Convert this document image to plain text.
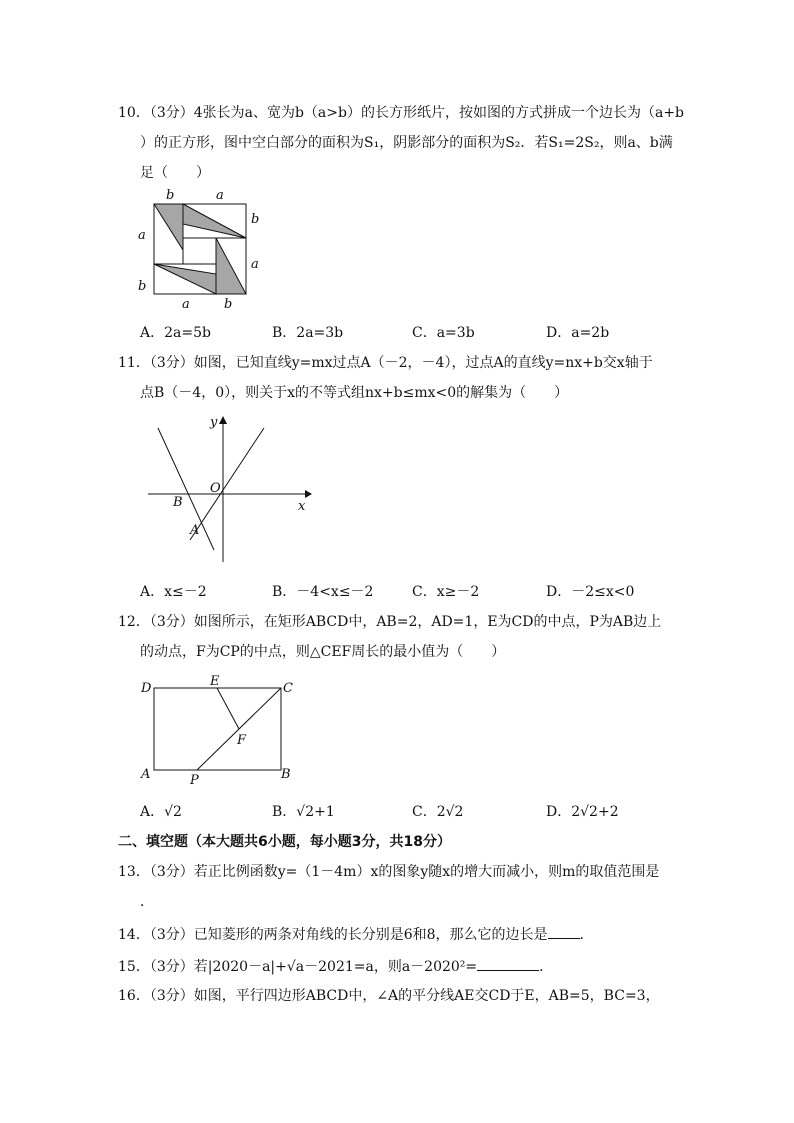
10．（3分）4张长为a、宽为b（a>b）的长方形纸片，按如图的方式拼成一个边长为（a+b
）的正方形，图中空白部分的面积为S₁，阴影部分的面积为S₂．若S₁=2S₂，则a、b满
足（　　）
b	a
a
b
b
a
a	b
A．2a=5b	B．2a=3b	C．a=3b	D．a=2b
11．（3分）如图，已知直线y=mx过点A（－2，－4），过点A的直线y=nx+b交x轴于
点B（－4，0），则关于x的不等式组nx+b≤mx<0的解集为（　　）
y
x
O
B
A
A．x≤－2	B．－4<x≤－2	C．x≥－2	D．－2≤x<0
12．（3分）如图所示，在矩形ABCD中，AB=2，AD=1，E为CD的中点，P为AB边上
的动点，F为CP的中点，则△CEF周长的最小值为（　　）
D	E	C
F
A	P	B
A．√2	B．√2+1	C．2√2	D．2√2+2
二、填空题（本大题共6小题，每小题3分，共18分）
13．（3分）若正比例函数y=（1－4m）x的图象y随x的增大而减小，则m的取值范围是
．
14．（3分）已知菱形的两条对角线的长分别是6和8，那么它的边长是 ．
15．（3分）若|2020－a|+√a－2021=a，则a－2020²=	．
16．（3分）如图，平行四边形ABCD中，∠A的平分线AE交CD于E，AB=5，BC=3，
